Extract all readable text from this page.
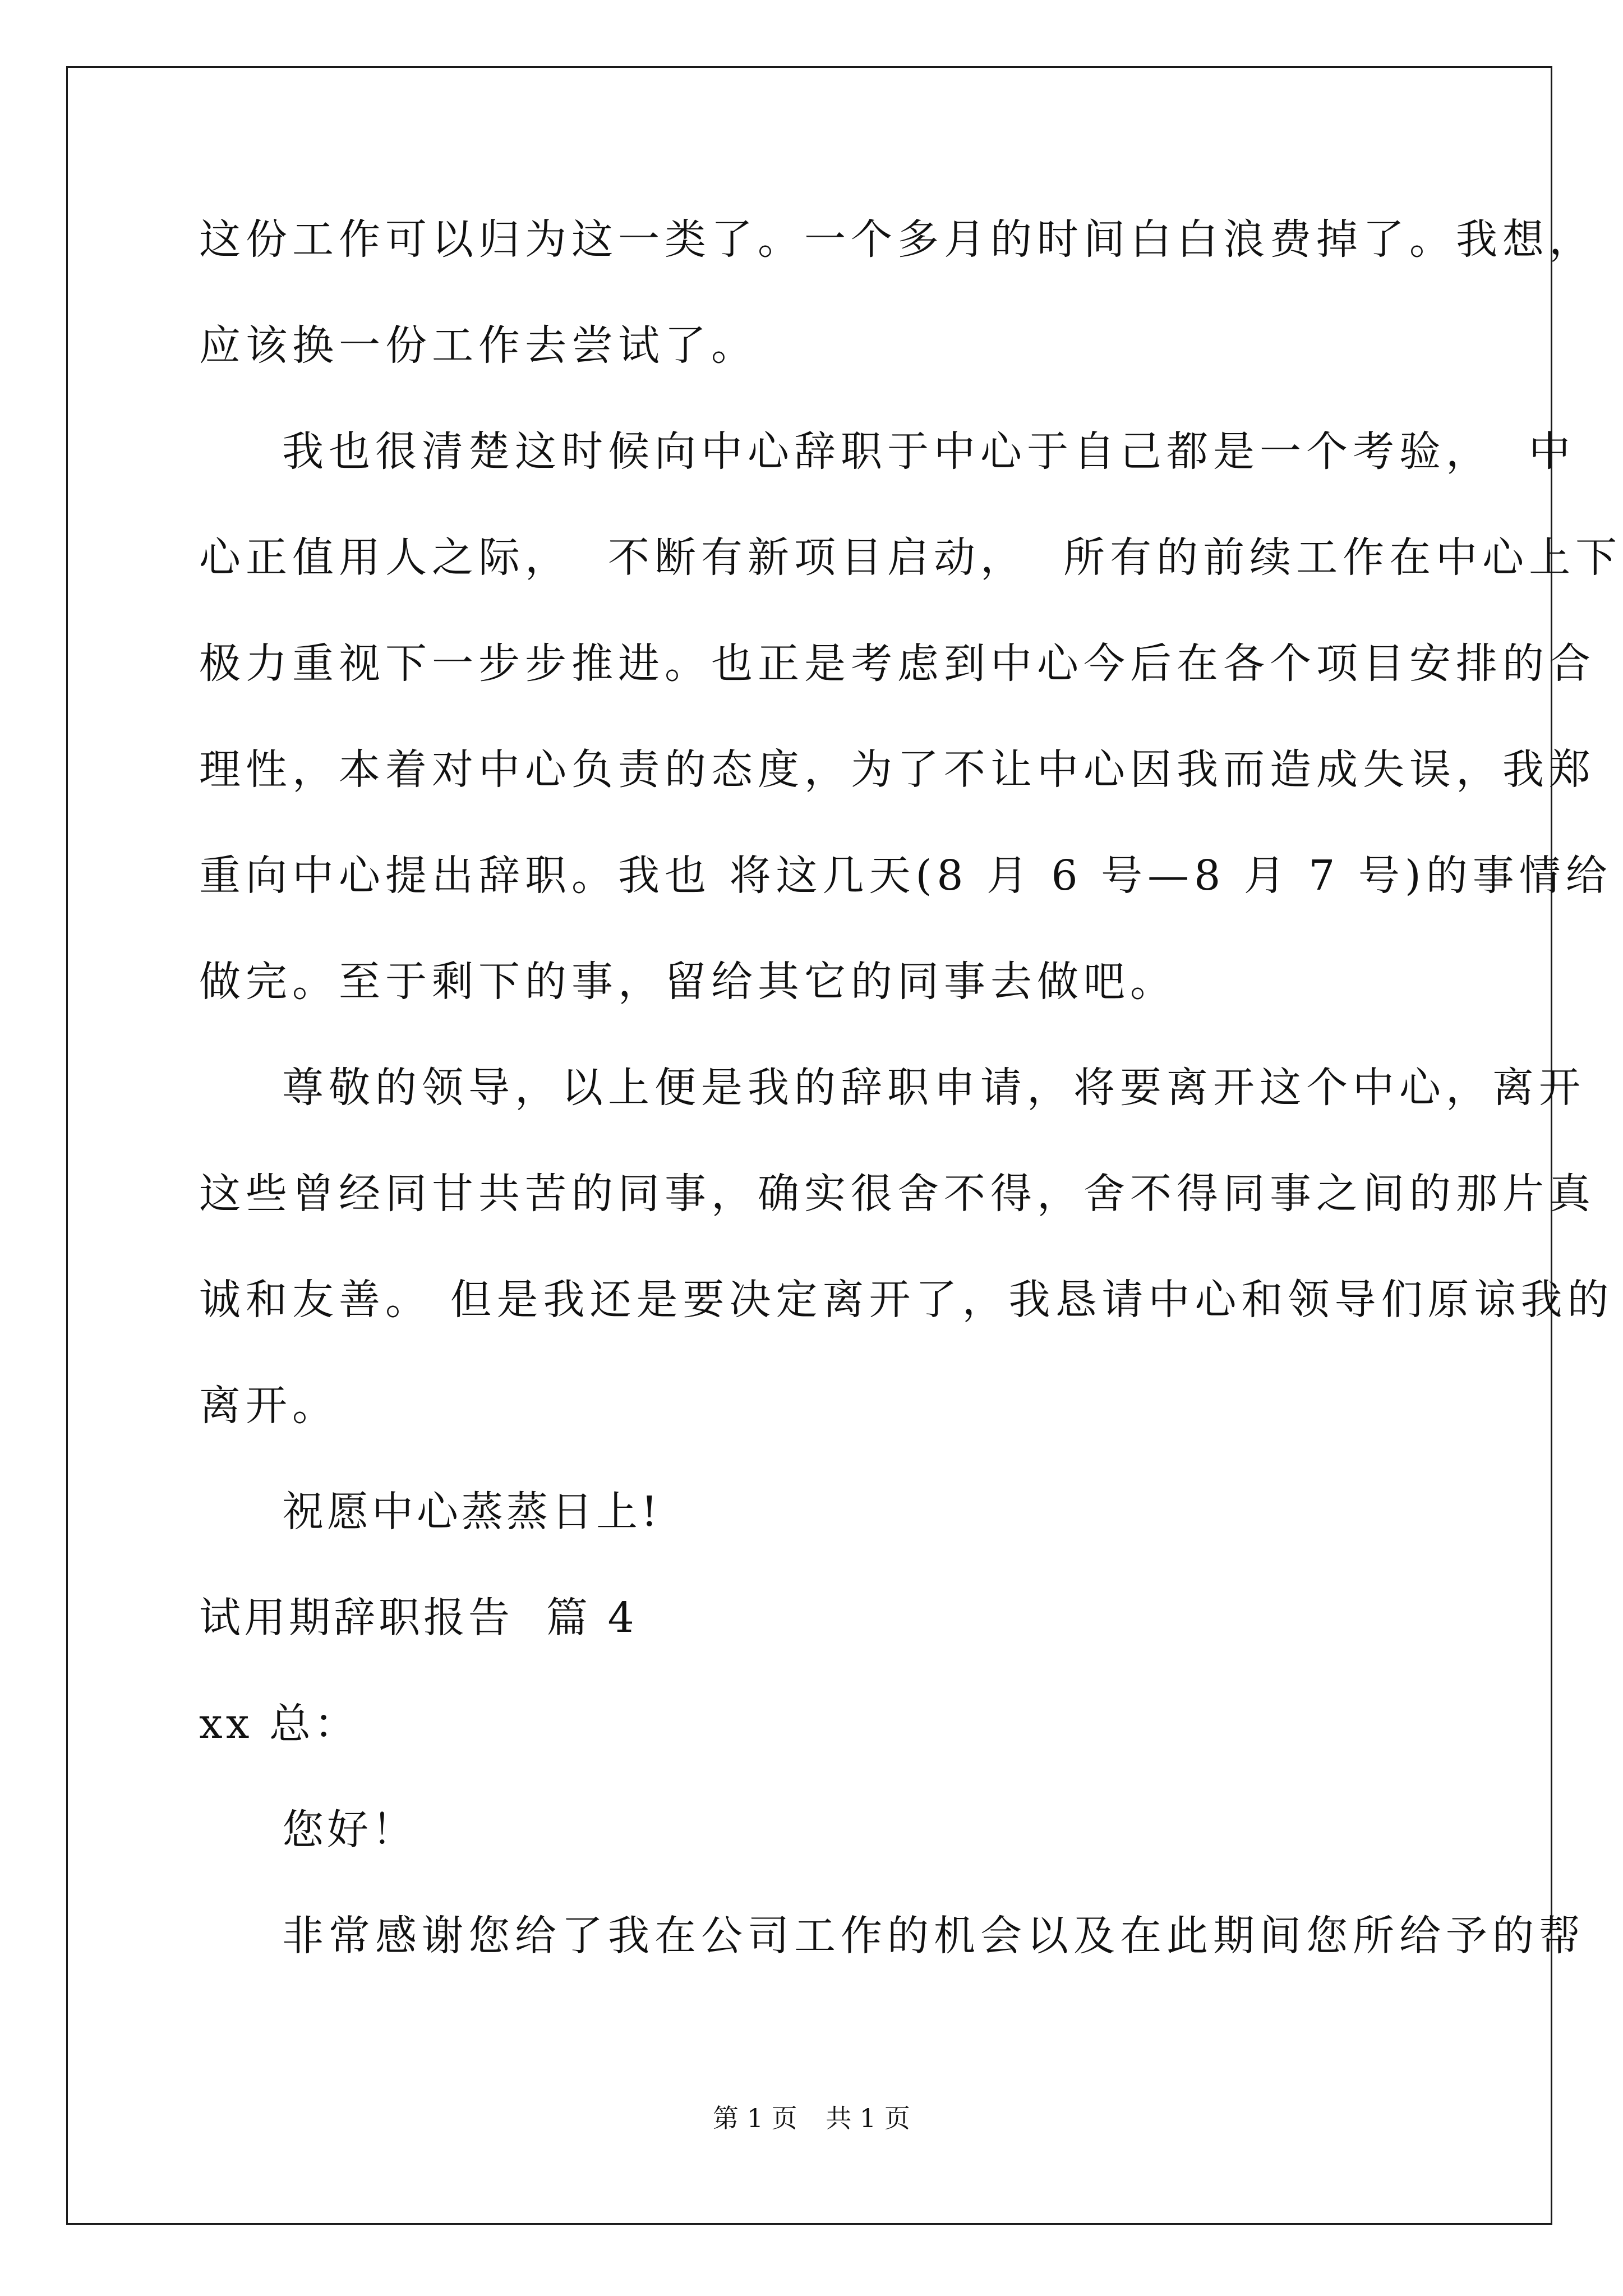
这份工作可以归为这一类了。一个多月的时间白白浪费掉了。我想，
应该换一份工作去尝试了。
我也很清楚这时候向中心辞职于中心于自己都是一个考验，  中
心正值用人之际，  不断有新项目启动，  所有的前续工作在中心上下
极力重视下一步步推进。也正是考虑到中心今后在各个项目安排的合
理性，本着对中心负责的态度，为了不让中心因我而造成失误，我郑
重向中心提出辞职。我也 将这几天(8 月 6 号—8 月 7 号)的事情给
做完。至于剩下的事，留给其它的同事去做吧。
尊敬的领导，以上便是我的辞职申请，将要离开这个中心，离开
这些曾经同甘共苦的同事，确实很舍不得，舍不得同事之间的那片真
诚和友善。 但是我还是要决定离开了，我恳请中心和领导们原谅我的
离开。
祝愿中心蒸蒸日上!
试用期辞职报告  篇 4
xx 总：
您好！
非常感谢您给了我在公司工作的机会以及在此期间您所给予的帮
第 1 页 共 1 页
